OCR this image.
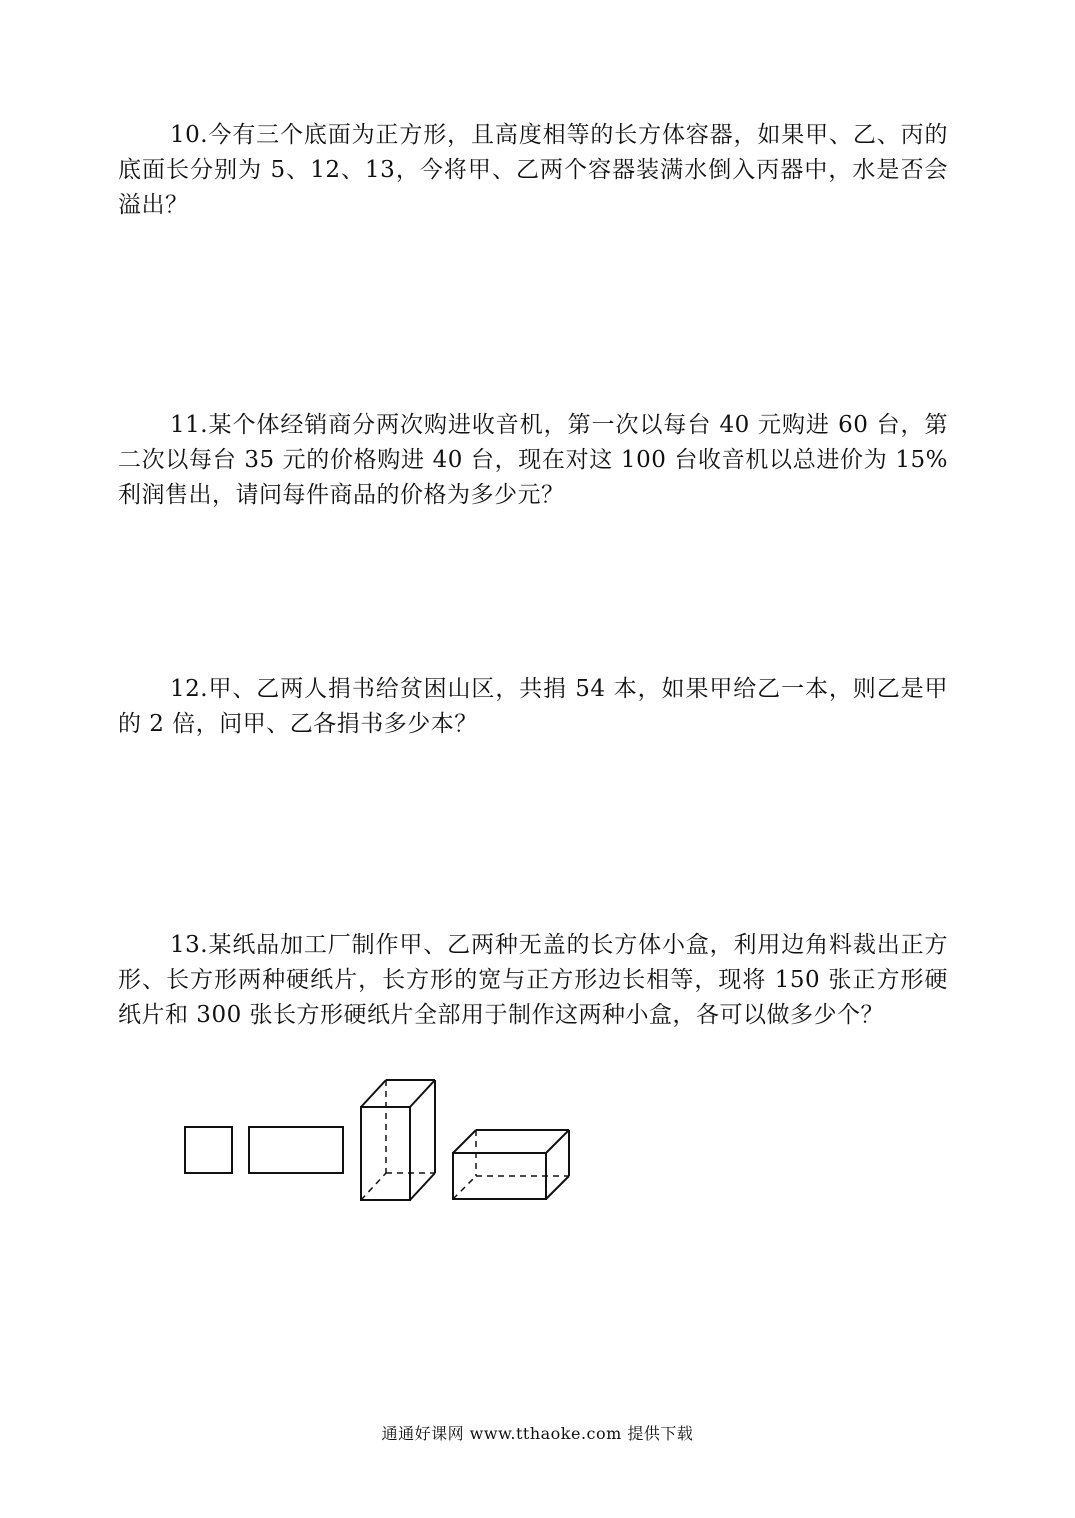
10.今有三个底面为正方形，且高度相等的长方体容器，如果甲、乙、丙的底面长分别为 5、12、13，今将甲、乙两个容器装满水倒入丙器中，水是否会溢出？

11.某个体经销商分两次购进收音机，第一次以每台 40 元购进 60 台，第二次以每台 35 元的价格购进 40 台，现在对这 100 台收音机以总进价为 15%利润售出，请问每件商品的价格为多少元？

12.甲、乙两人捐书给贫困山区，共捐 54 本，如果甲给乙一本，则乙是甲的 2 倍，问甲、乙各捐书多少本？

13.某纸品加工厂制作甲、乙两种无盖的长方体小盒，利用边角料裁出正方形、长方形两种硬纸片，长方形的宽与正方形边长相等，现将 150 张正方形硬纸片和 300 张长方形硬纸片全部用于制作这两种小盒，各可以做多少个？

通通好课网 www.tthaoke.com 提供下载
